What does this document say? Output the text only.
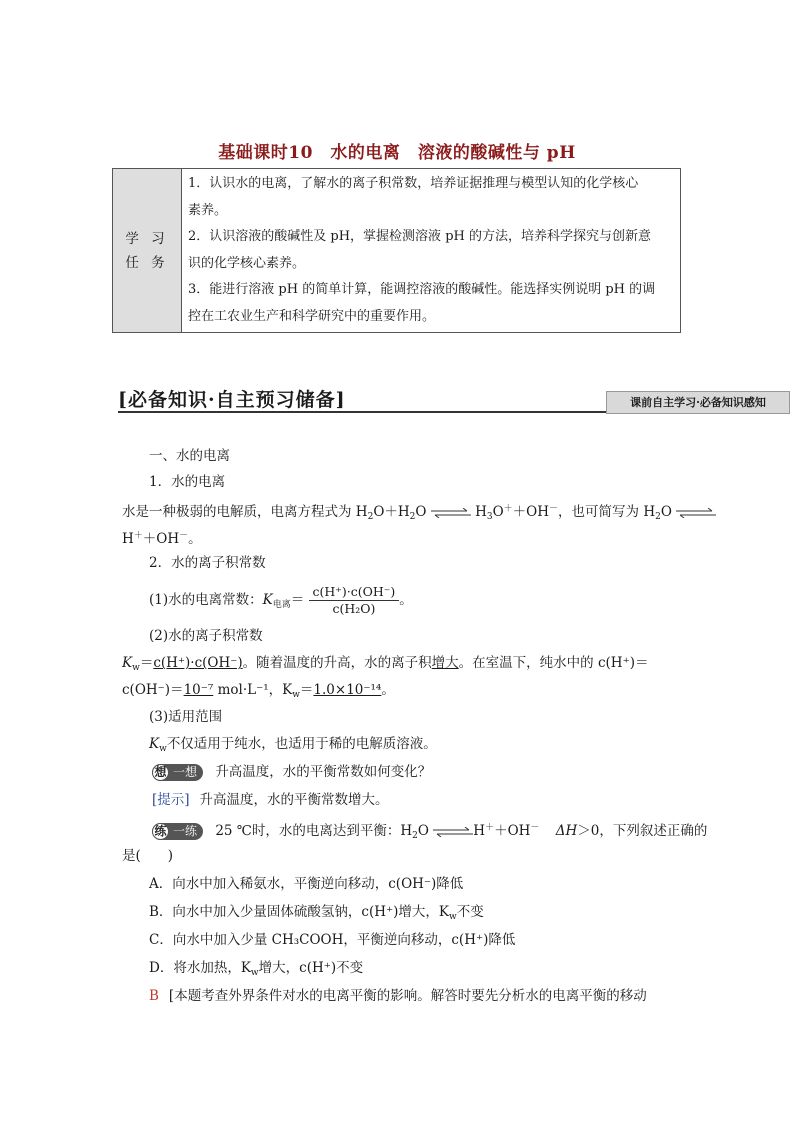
基础课时10　水的电离　溶液的酸碱性与 pH
学 习 任 务	
1．认识水的电离，了解水的离子积常数，培养证据推理与模型认知的化学核心
素养。
2．认识溶液的酸碱性及 pH，掌握检测溶液 pH 的方法，培养科学探究与创新意
识的化学核心素养。
3．能进行溶液 pH 的简单计算，能调控溶液的酸碱性。能选择实例说明 pH 的调
控在工农业生产和科学研究中的重要作用。
[必备知识·自主预习储备]	课前自主学习·必备知识感知
一、水的电离
1．水的电离
水是一种极弱的电解质，电离方程式为 $H_2O+H_2O$ ⇌ $H_3O^++OH^-$，也可简写为 $H_2O$ ⇌
H＋＋OH－。
2．水的离子积常数
(1)水的电离常数：$K_{电离}= \frac{c(H^+)\cdot c(OH^-)}{\text{c(H₂O)}}$ 。
(2)水的离子积常数
$K_w=c(H^+)\cdot c(OH^-)$。随着温度的升高，水的离子积增大。在室温下，纯水中的 c(H⁺)＝
c(OH⁻)＝10⁻⁷ mol·L⁻¹，$K_w=1.0\times 10^{-14}$。
(3)适用范围
$K_w$不仅适用于纯水，也适用于稀的电解质溶液。
想 一想 升高温度，水的平衡常数如何变化？
[提示] 升高温度，水的平衡常数增大。
练 一练 25 ℃时，水的电离达到平衡：$H_2O$ ⇌H＋＋OH－ ΔH＞0，下列叙述正确的
是(　　)
A．向水中加入稀氨水，平衡逆向移动，c(OH⁻)降低
B．向水中加入少量固体硫酸氢钠，c(H⁺)增大，$K_w$不变
C．向水中加入少量 CH₃COOH，平衡逆向移动，c(H⁺)降低
D．将水加热，$K_w$增大，c(H⁺)不变
B [本题考查外界条件对水的电离平衡的影响。解答时要先分析水的电离平衡的移动
